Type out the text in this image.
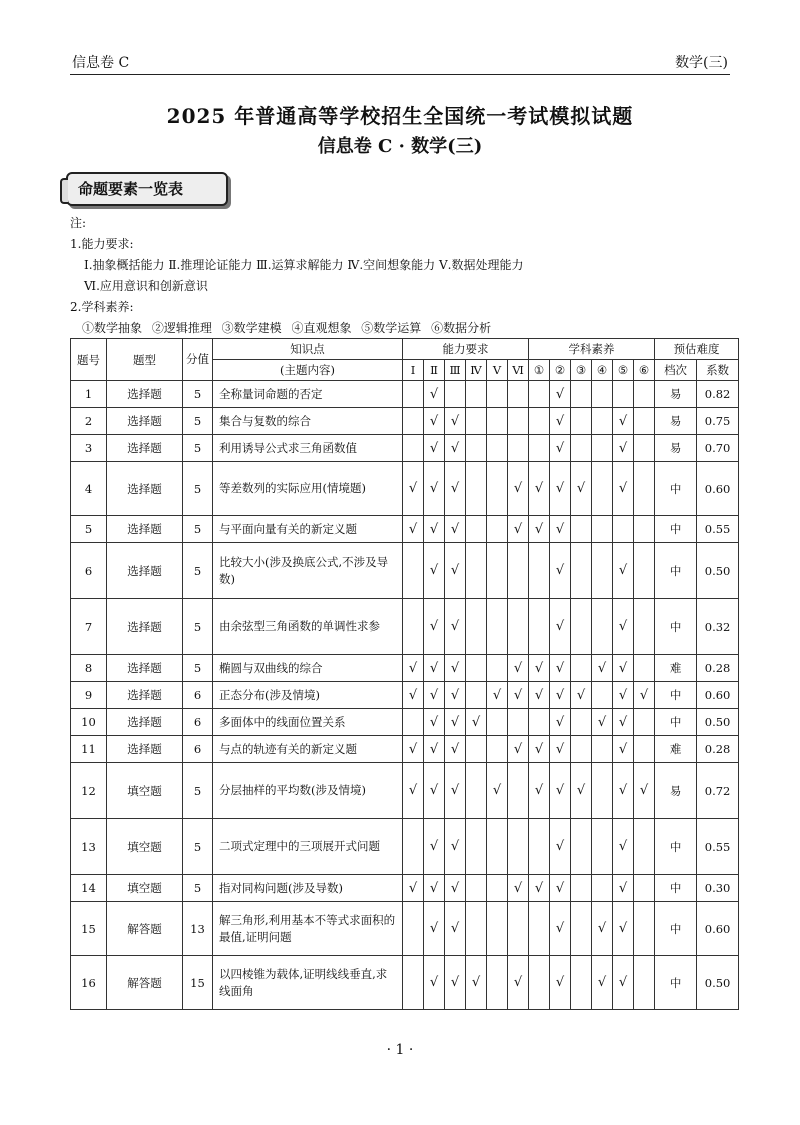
信息卷 C	数学(三)
2025 年普通高等学校招生全国统一考试模拟试题
信息卷 C · 数学(三)
命题要素一览表
注:
1.能力要求:
Ⅰ.抽象概括能力 Ⅱ.推理论证能力 Ⅲ.运算求解能力 Ⅳ.空间想象能力 Ⅴ.数据处理能力
Ⅵ.应用意识和创新意识
2.学科素养:
①数学抽象 ②逻辑推理 ③数学建模 ④直观想象 ⑤数学运算 ⑥数据分析
题号	题型	分值	知识点	能力要求						学科素养						预估难度	
			(主题内容)	Ⅰ	Ⅱ	Ⅲ	Ⅳ	Ⅴ	Ⅵ	①	②	③	④	⑤	⑥	档次	系数
1	选择题	5	全称量词命题的否定		√						√					易	0.82
2	选择题	5	集合与复数的综合		√	√					√			√		易	0.75
3	选择题	5	利用诱导公式求三角函数值		√	√					√			√		易	0.70
4	选择题	5	等差数列的实际应用(情境题)	√	√	√			√	√	√	√		√		中	0.60
5	选择题	5	与平面向量有关的新定义题	√	√	√			√	√	√					中	0.55
6	选择题	5	比较大小(涉及换底公式,不涉及导数)		√	√					√			√		中	0.50
7	选择题	5	由余弦型三角函数的单调性求参		√	√					√			√		中	0.32
8	选择题	5	椭圆与双曲线的综合	√	√	√			√	√	√		√	√		难	0.28
9	选择题	6	正态分布(涉及情境)	√	√	√		√	√	√	√	√		√	√	中	0.60
10	选择题	6	多面体中的线面位置关系		√	√	√				√		√	√		中	0.50
11	选择题	6	与点的轨迹有关的新定义题	√	√	√			√	√	√			√		难	0.28
12	填空题	5	分层抽样的平均数(涉及情境)	√	√	√		√		√	√	√		√	√	易	0.72
13	填空题	5	二项式定理中的三项展开式问题		√	√					√			√		中	0.55
14	填空题	5	指对同构问题(涉及导数)	√	√	√			√	√	√			√		中	0.30
15	解答题	13	解三角形,利用基本不等式求面积的最值,证明问题		√	√					√		√	√		中	0.60
16	解答题	15	以四棱锥为载体,证明线线垂直,求线面角		√	√	√		√		√		√	√		中	0.50
· 1 ·
